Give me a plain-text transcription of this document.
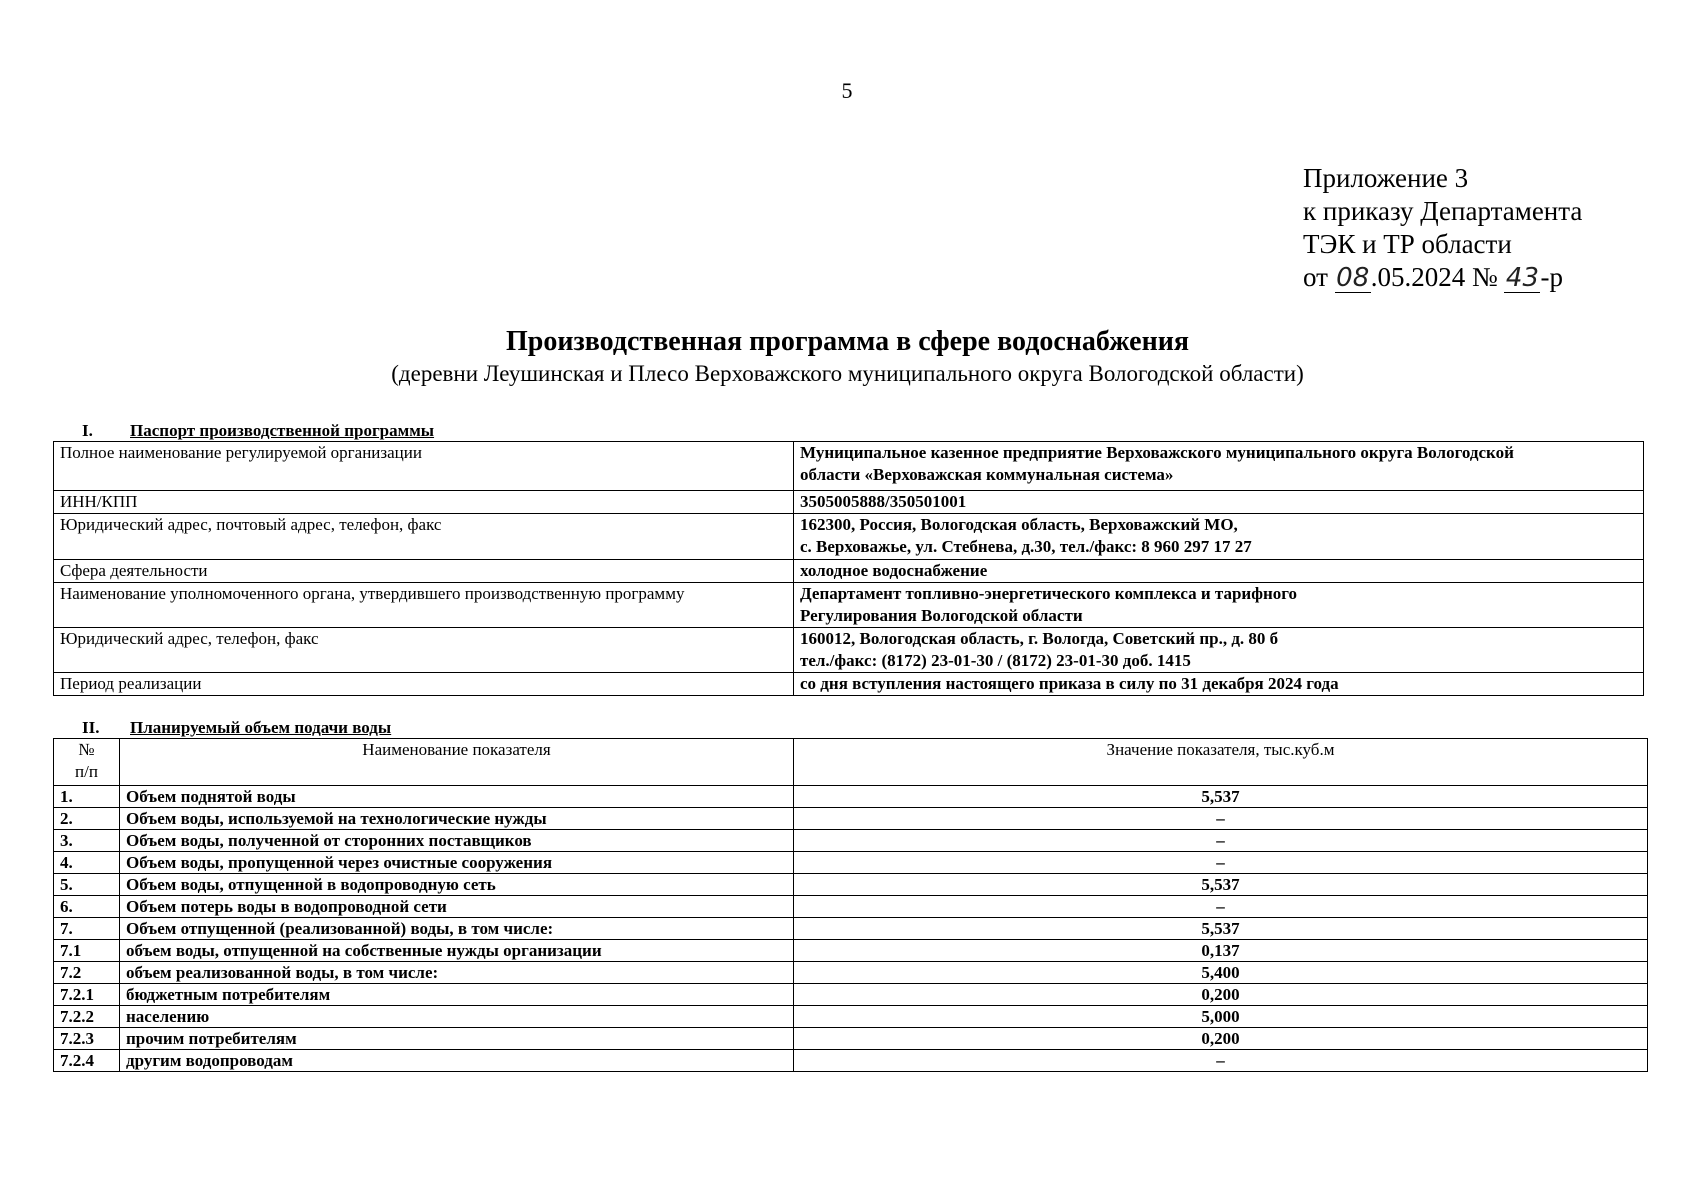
5
Приложение 3
к приказу Департамента
ТЭК и ТР области
от 08.05.2024 № 43-р
Производственная программа в сфере водоснабжения
(деревни Леушинская и Плесо Верховажского муниципального округа Вологодской области)
I. Паспорт производственной программы
Полное наименование регулируемой организации	Муниципальное казенное предприятие Верховажского муниципального округа Вологодской
области «Верховажская коммунальная система»

ИНН/КПП	3505005888/350501001
Юридический адрес, почтовый адрес, телефон, факс	162300, Россия, Вологодская область, Верховажский МО,
с. Верховажье, ул. Стебнева, д.30, тел./факс: 8 960 297 17 27

Сфера деятельности	холодное водоснабжение
Наименование уполномоченного органа, утвердившего производственную программу	Департамент топливно-энергетического комплекса и тарифного
Регулирования Вологодской области

Юридический адрес, телефон, факс	160012, Вологодская область, г. Вологда, Советский пр., д. 80 б
тел./факс: (8172) 23-01-30 / (8172) 23-01-30 доб. 1415

Период реализации	со дня вступления настоящего приказа в силу по 31 декабря 2024 года
II. Планируемый объем подачи воды
№
п/п	Наименование показателя	Значение показателя, тыс.куб.м
1.	Объем поднятой воды	5,537
2.	Объем воды, используемой на технологические нужды	–
3.	Объем воды, полученной от сторонних поставщиков	–
4.	Объем воды, пропущенной через очистные сооружения	–
5.	Объем воды, отпущенной в водопроводную сеть	5,537
6.	Объем потерь воды в водопроводной сети	–
7.	Объем отпущенной (реализованной) воды, в том числе:	5,537
7.1	объем воды, отпущенной на собственные нужды организации	0,137
7.2	объем реализованной воды, в том числе:	5,400
7.2.1	бюджетным потребителям	0,200
7.2.2	населению	5,000
7.2.3	прочим потребителям	0,200
7.2.4	другим водопроводам	–
